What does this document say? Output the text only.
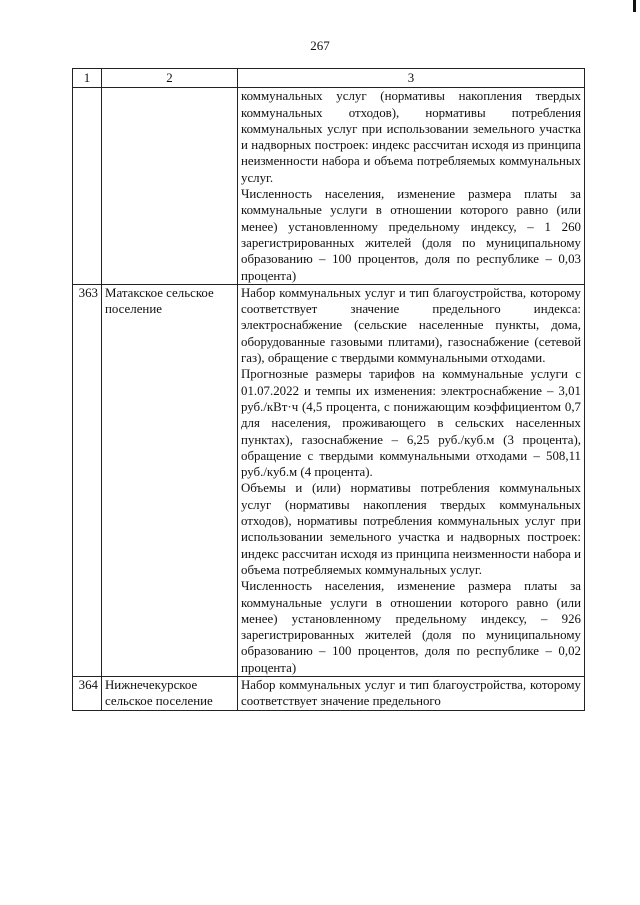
267
1	2	3

		коммунальных услуг (нормативы накопления твердых коммунальных отходов), нормативы потребления коммунальных услуг при использовании земельного участка и надворных построек: индекс рассчитан исходя из принципа неизменности набора и объема потребляемых коммунальных услуг.

Численность населения, изменение размера платы за коммунальные услуги в отношении которого равно (или менее) установленному предельному индексу, – 1 260 зарегистрированных жителей (доля по муниципальному образованию – 100 процентов, доля по республике – 0,03 процента)

363	Матакское сельское поселение	Набор коммунальных услуг и тип благоустройства, которому соответствует значение предельного индекса: электроснабжение (сельские населенные пункты, дома, оборудованные газовыми плитами), газоснабжение (сетевой газ), обращение с твердыми коммунальными отходами.

Прогнозные размеры тарифов на коммунальные услуги с 01.07.2022 и темпы их изменения: электроснабжение – 3,01 руб./кВт·ч (4,5 процента, с понижающим коэффициентом 0,7 для населения, проживающего в сельских населенных пунктах), газоснабжение – 6,25 руб./куб.м (3 процента), обращение с твердыми коммунальными отходами – 508,11 руб./куб.м (4 процента).

Объемы и (или) нормативы потребления коммунальных услуг (нормативы накопления твердых коммунальных отходов), нормативы потребления коммунальных услуг при использовании земельного участка и надворных построек: индекс рассчитан исходя из принципа неизменности набора и объема потребляемых коммунальных услуг.

Численность населения, изменение размера платы за коммунальные услуги в отношении которого равно (или менее) установленному предельному индексу, – 926 зарегистрированных жителей (доля по муниципальному образованию – 100 процентов, доля по республике – 0,02 процента)

364	Нижнечекурское сельское поселение	Набор коммунальных услуг и тип благоустройства, которому соответствует значение предельного
